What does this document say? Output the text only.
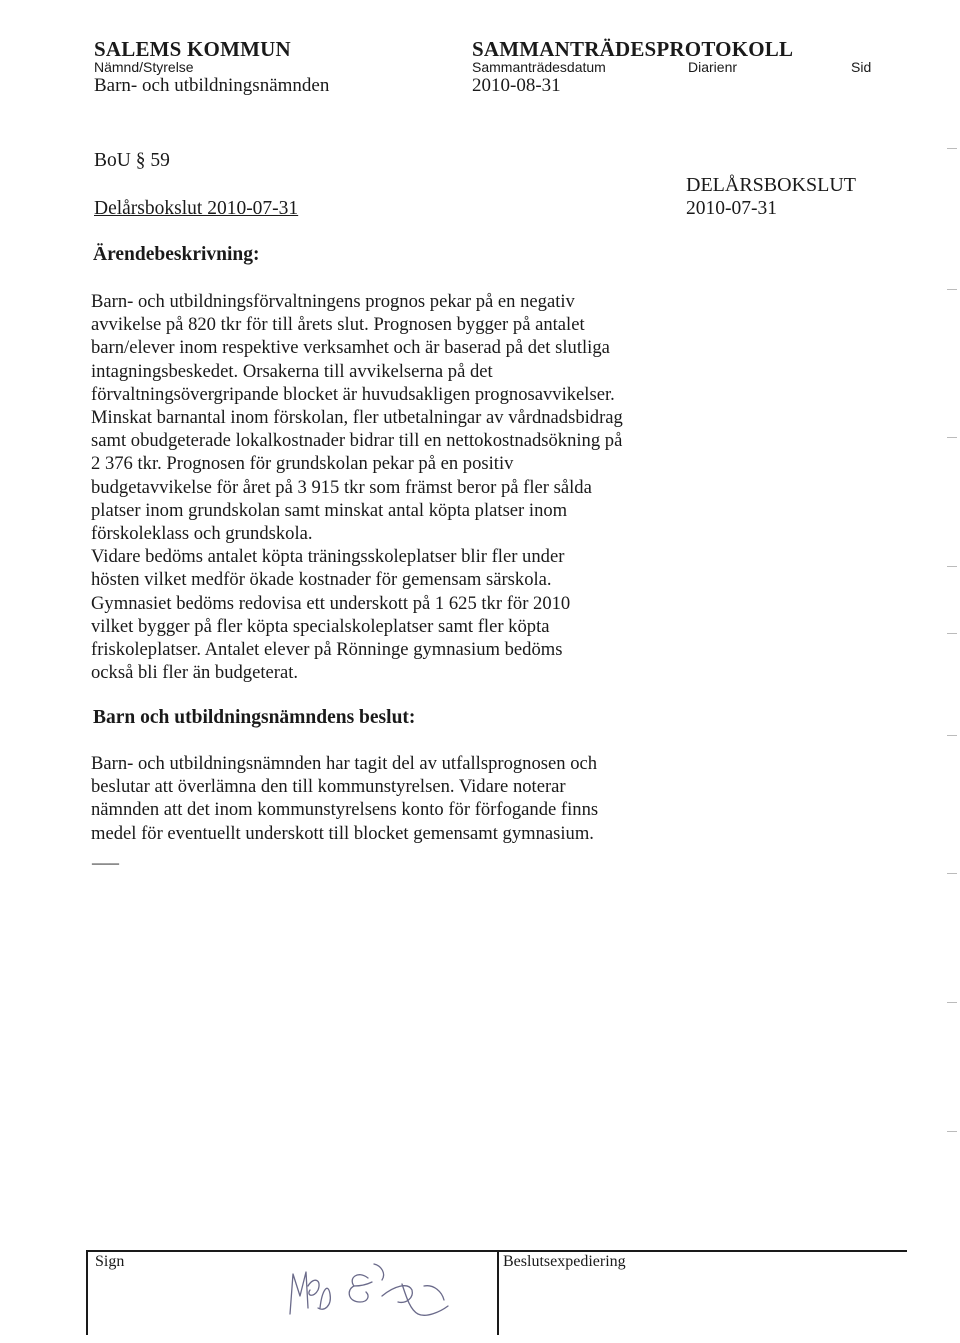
SALEMS KOMMUN
Nämnd/Styrelse
Barn- och utbildningsnämnden
SAMMANTRÄDESPROTOKOLL
Sammanträdesdatum
2010-08-31
Diarienr	Sid
BoU § 59
Delårsbokslut 2010-07-31
DELÅRSBOKSLUT
2010-07-31
Ärendebeskrivning:

Barn- och utbildningsförvaltningens prognos pekar på en negativ

avvikelse på 820 tkr för till årets slut. Prognosen bygger på antalet

barn/elever inom respektive verksamhet och är baserad på det slutliga

intagningsbeskedet. Orsakerna till avvikelserna på det

förvaltningsövergripande blocket är huvudsakligen prognosavvikelser.

Minskat barnantal inom förskolan, fler utbetalningar av vårdnadsbidrag

samt obudgeterade lokalkostnader bidrar till en nettokostnadsökning på

2 376 tkr. Prognosen för grundskolan pekar på en positiv

budgetavvikelse för året på 3 915 tkr som främst beror på fler sålda

platser inom grundskolan samt minskat antal köpta platser inom

förskoleklass och grundskola.

Vidare bedöms antalet köpta träningsskoleplatser blir fler under

hösten vilket medför ökade kostnader för gemensam särskola.

Gymnasiet bedöms redovisa ett underskott på 1 625 tkr för 2010

vilket bygger på fler köpta specialskoleplatser samt fler köpta

friskoleplatser. Antalet elever på Rönninge gymnasium bedöms

också bli fler än budgeterat.

Barn och utbildningsnämndens beslut:

Barn- och utbildningsnämnden har tagit del av utfallsprognosen och

beslutar att överlämna den till kommunstyrelsen. Vidare noterar

nämnden att det inom kommunstyrelsens konto för förfogande finns

medel för eventuellt underskott till blocket gemensamt gymnasium.

___
Sign	Beslutsexpediering
